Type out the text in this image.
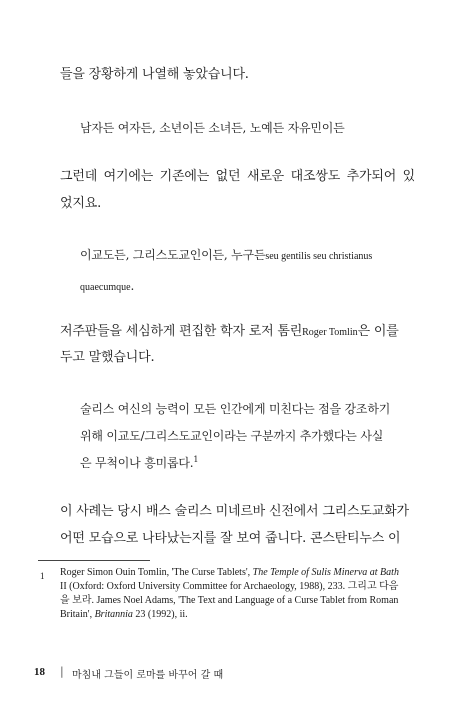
들을 장황하게 나열해 놓았습니다.
남자든 여자든, 소년이든 소녀든, 노예든 자유민이든
그런데 여기에는 기존에는 없던 새로운 대조쌍도 추가되어 있
었지요.
이교도든, 그리스도교인이든, 누구든seu gentilis seu christianus
quaecumque.
저주판들을 세심하게 편집한 학자 로저 톰린Roger Tomlin은 이를
두고 말했습니다.
술리스 여신의 능력이 모든 인간에게 미친다는 점을 강조하기
위해 이교도/그리스도교인이라는 구분까지 추가했다는 사실
은 무척이나 흥미롭다.$^1$
이 사례는 당시 배스 술리스 미네르바 신전에서 그리스도교화가
어떤 모습으로 나타났는지를 잘 보여 줍니다. 콘스탄티누스 이
1 Roger Simon Ouin Tomlin, 'The Curse Tablets', The Temple of Sulis Minerva at Bath II (Oxford: Oxford University Committee for Archaeology, 1988), 233. 그리고 다음을 보라. James Noel Adams, 'The Text and Language of a Curse Tablet from Roman Britain', Britannia 23 (1992), ii.
18 | 마침내 그들이 로마를 바꾸어 갈 때
